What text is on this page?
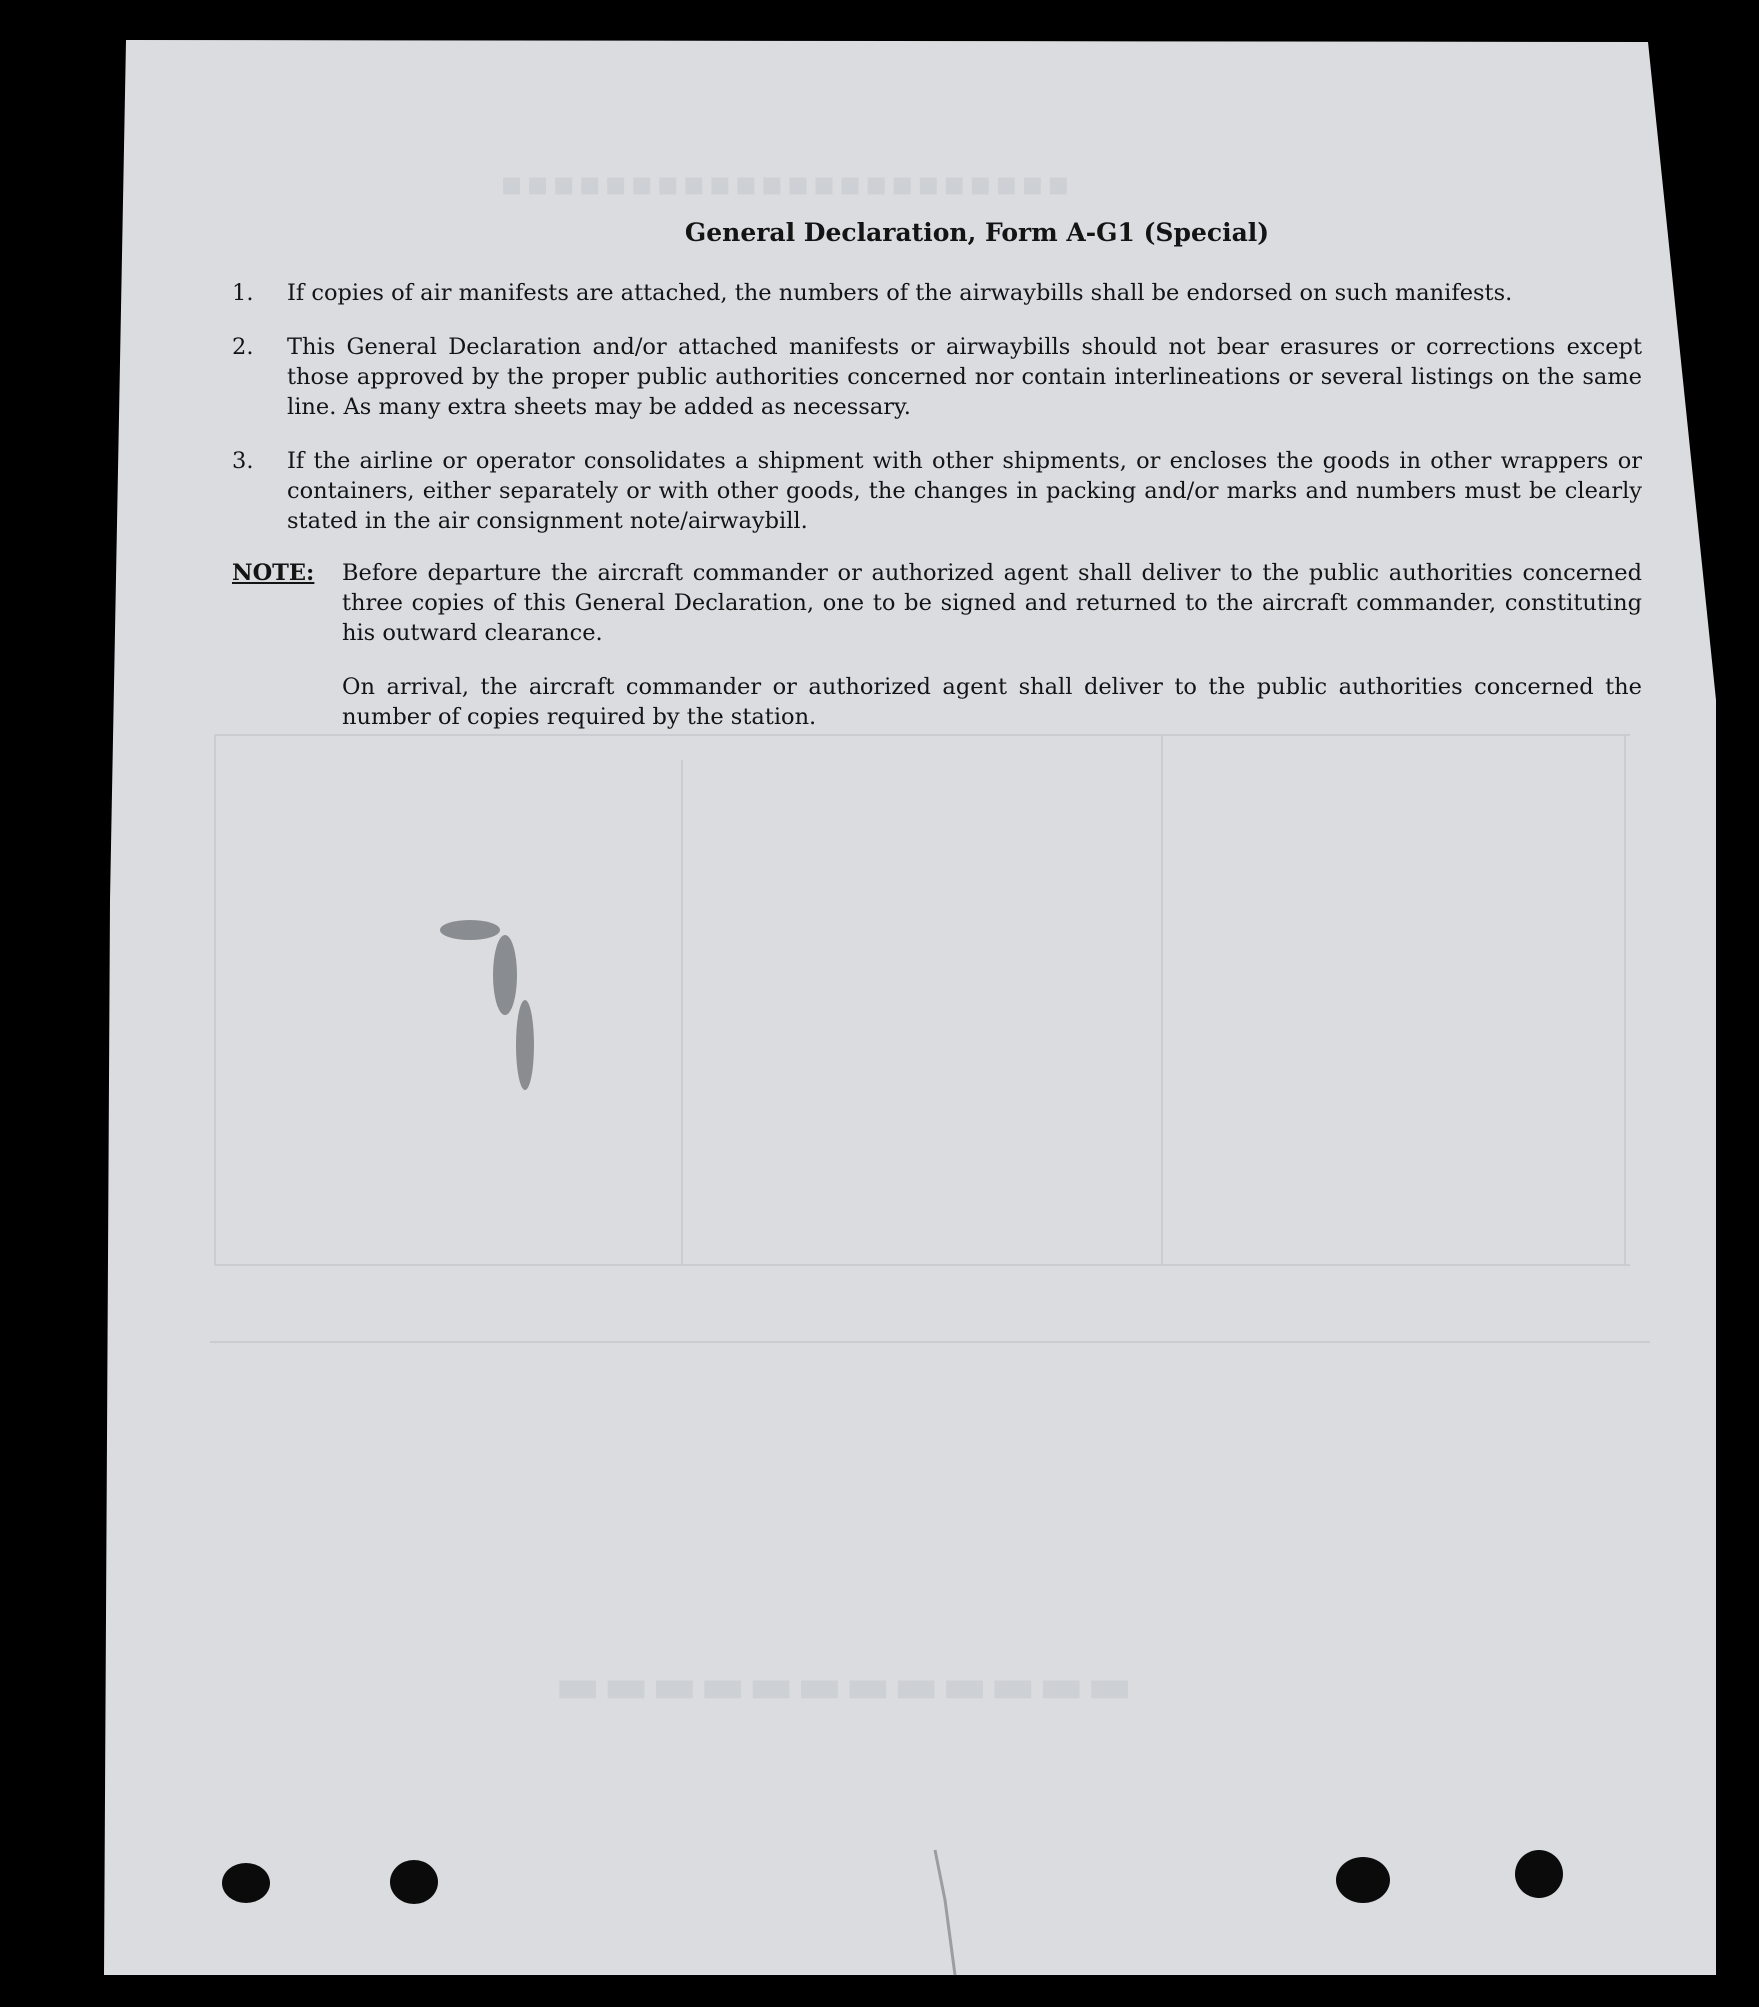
▪▪▪▪▪▪▪▪▪▪▪▪▪▪▪▪▪▪▪▪▪▪
▬▬▬▬▬▬▬▬▬▬▬▬
General Declaration, Form A-G1 (Special)
1.	If copies of air manifests are attached, the numbers of the airwaybills shall be endorsed on such manifests.
2.	This General Declaration and/or attached manifests or airwaybills should not bear erasures or corrections except those approved by the proper public authorities concerned nor contain interlineations or several listings on the same line. As many extra sheets may be added as necessary.
3.	If the airline or operator consolidates a shipment with other shipments, or encloses the goods in other wrappers or containers, either separately or with other goods, the changes in packing and/or marks and numbers must be clearly stated in the air consignment note/airwaybill.
NOTE:	Before departure the aircraft commander or authorized agent shall deliver to the public authorities concerned three copies of this General Declaration, one to be signed and returned to the aircraft commander, constituting his outward clearance.

On arrival, the aircraft commander or authorized agent shall deliver to the public authorities concerned the number of copies required by the station.
